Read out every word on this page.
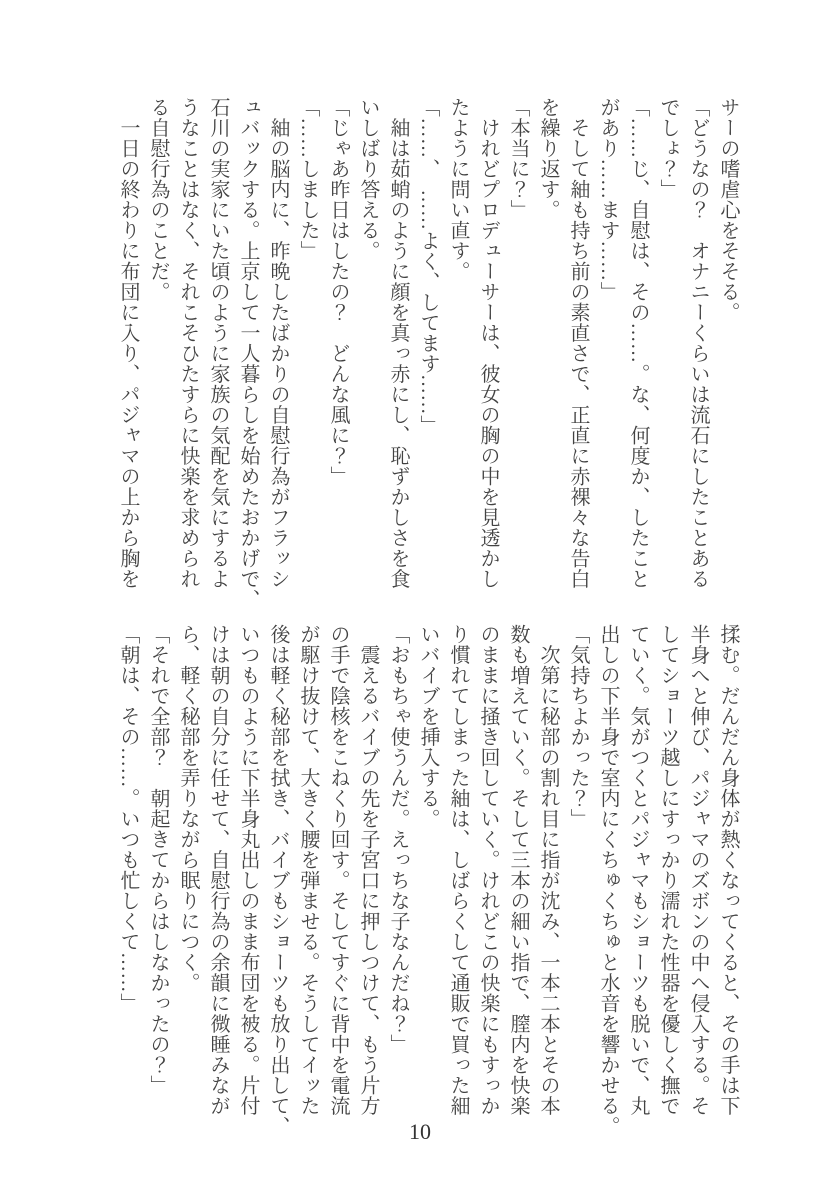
サーの嗜虐心をそそる。
「どうなの？　オナニーくらいは流石にしたことある
でしょ？」
「……じ、自慰は、その……。な、何度か、したこと
があり……ます……」
　そして紬も持ち前の素直さで、正直に赤裸々な告白
を繰り返す。
「本当に？」
　けれどプロデューサーは、彼女の胸の中を見透かし
たように問い直す。
「……、　……よく、してます……」
　紬は茹蛸のように顔を真っ赤にし、恥ずかしさを食
いしばり答える。
「じゃあ昨日はしたの？　どんな風に？」
「……しました」
　紬の脳内に、昨晩したばかりの自慰行為がフラッシ
ュバックする。上京して一人暮らしを始めたおかげで、
石川の実家にいた頃のように家族の気配を気にするよ
うなことはなく、それこそひたすらに快楽を求められ
る自慰行為のことだ。
　一日の終わりに布団に入り、パジャマの上から胸を
揉む。だんだん身体が熱くなってくると、その手は下
半身へと伸び、パジャマのズボンの中へ侵入する。そ
してショーツ越しにすっかり濡れた性器を優しく撫で
ていく。気がつくとパジャマもショーツも脱いで、丸
出しの下半身で室内にくちゅくちゅと水音を響かせる。
「気持ちよかった？」
　次第に秘部の割れ目に指が沈み、一本二本とその本
数も増えていく。そして三本の細い指で、膣内を快楽
のままに掻き回していく。けれどこの快楽にもすっか
り慣れてしまった紬は、しばらくして通販で買った細
いバイブを挿入する。
「おもちゃ使うんだ。えっちな子なんだね？」
　震えるバイブの先を子宮口に押しつけて、もう片方
の手で陰核をこねくり回す。そしてすぐに背中を電流
が駆け抜けて、大きく腰を弾ませる。そうしてイッた
後は軽く秘部を拭き、バイブもショーツも放り出して、
いつものように下半身丸出しのまま布団を被る。片付
けは朝の自分に任せて、自慰行為の余韻に微睡みなが
ら、軽く秘部を弄りながら眠りにつく。
「それで全部？　朝起きてからはしなかったの？」
「朝は、その……。いつも忙しくて……」
10
